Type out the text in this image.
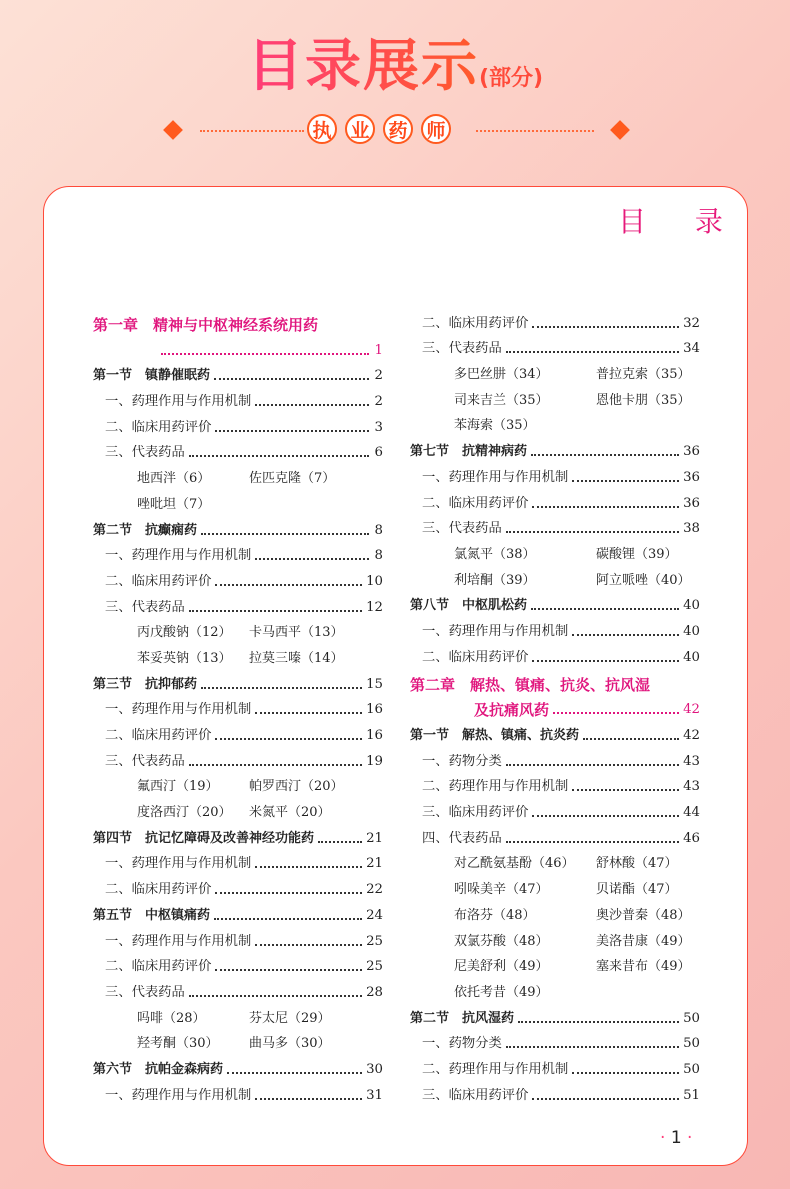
目录展示(部分)
执 业 药 师
目 录
第一章　精神与中枢神经系统用药
1
第一节　镇静催眠药	2
一、药理作用与作用机制	2
二、临床用药评价	3
三、代表药品	6
地西泮（6）	佐匹克隆（7）
唑吡坦（7）
第二节　抗癫痫药	8
一、药理作用与作用机制	8
二、临床用药评价	10
三、代表药品	12
丙戊酸钠（12）	卡马西平（13）
苯妥英钠（13）	拉莫三嗪（14）
第三节　抗抑郁药	15
一、药理作用与作用机制	16
二、临床用药评价	16
三、代表药品	19
氟西汀（19）	帕罗西汀（20）
度洛西汀（20）	米氮平（20）
第四节　抗记忆障碍及改善神经功能药	21
一、药理作用与作用机制	21
二、临床用药评价	22
第五节　中枢镇痛药	24
一、药理作用与作用机制	25
二、临床用药评价	25
三、代表药品	28
吗啡（28）	芬太尼（29）
羟考酮（30）	曲马多（30）
第六节　抗帕金森病药	30
一、药理作用与作用机制	31
二、临床用药评价	32
三、代表药品	34
多巴丝肼（34）	普拉克索（35）
司来吉兰（35）	恩他卡朋（35）
苯海索（35）
第七节　抗精神病药	36
一、药理作用与作用机制	36
二、临床用药评价	36
三、代表药品	38
氯氮平（38）	碳酸锂（39）
利培酮（39）	阿立哌唑（40）
第八节　中枢肌松药	40
一、药理作用与作用机制	40
二、临床用药评价	40
第二章　解热、镇痛、抗炎、抗风湿
及抗痛风药	42
第一节　解热、镇痛、抗炎药	42
一、药物分类	43
二、药理作用与作用机制	43
三、临床用药评价	44
四、代表药品	46
对乙酰氨基酚（46）	舒林酸（47）
吲哚美辛（47）	贝诺酯（47）
布洛芬（48）	奥沙普秦（48）
双氯芬酸（48）	美洛昔康（49）
尼美舒利（49）	塞来昔布（49）
依托考昔（49）
第二节　抗风湿药	50
一、药物分类	50
二、药理作用与作用机制	50
三、临床用药评价	51
· 1 ·
